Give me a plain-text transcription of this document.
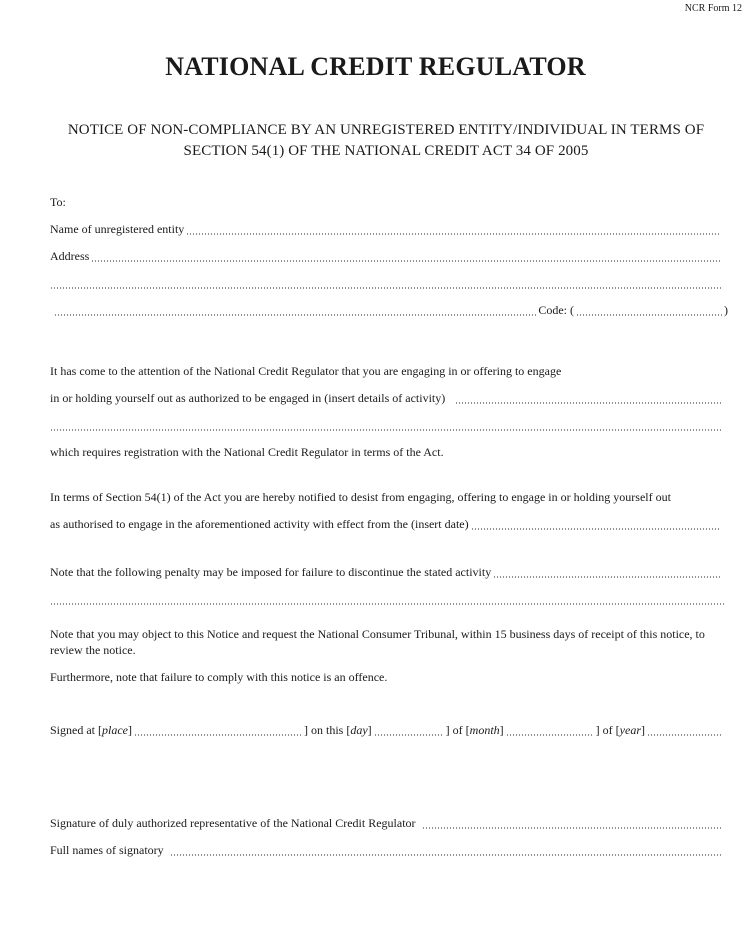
NCR Form 12
NATIONAL CREDIT REGULATOR
NOTICE OF NON-COMPLIANCE BY AN UNREGISTERED ENTITY/INDIVIDUAL IN TERMS OF
SECTION 54(1) OF THE NATIONAL CREDIT ACT 34 OF 2005
To:
Name of unregistered entity
Address
Code: (	)
It has come to the attention of the National Credit Regulator that you are engaging in or offering to engage
in or holding yourself out as authorized to be engaged in (insert details of activity)
which requires registration with the National Credit Regulator in terms of the Act.
In terms of Section 54(1) of the Act you are hereby notified to desist from engaging, offering to engage in or holding yourself out
as authorised to engage in the aforementioned activity with effect from the (insert date)
Note that the following penalty may be imposed for failure to discontinue the stated activity
Note that you may object to this Notice and request the National Consumer Tribunal, within 15 business days of receipt of this notice, to review the notice.
Furthermore, note that failure to comply with this notice is an offence.
Signed at [ place ]	] on this [ day ]	] of [ month ]	] of [ year ]
Signature of duly authorized representative of the National Credit Regulator
Full names of signatory
